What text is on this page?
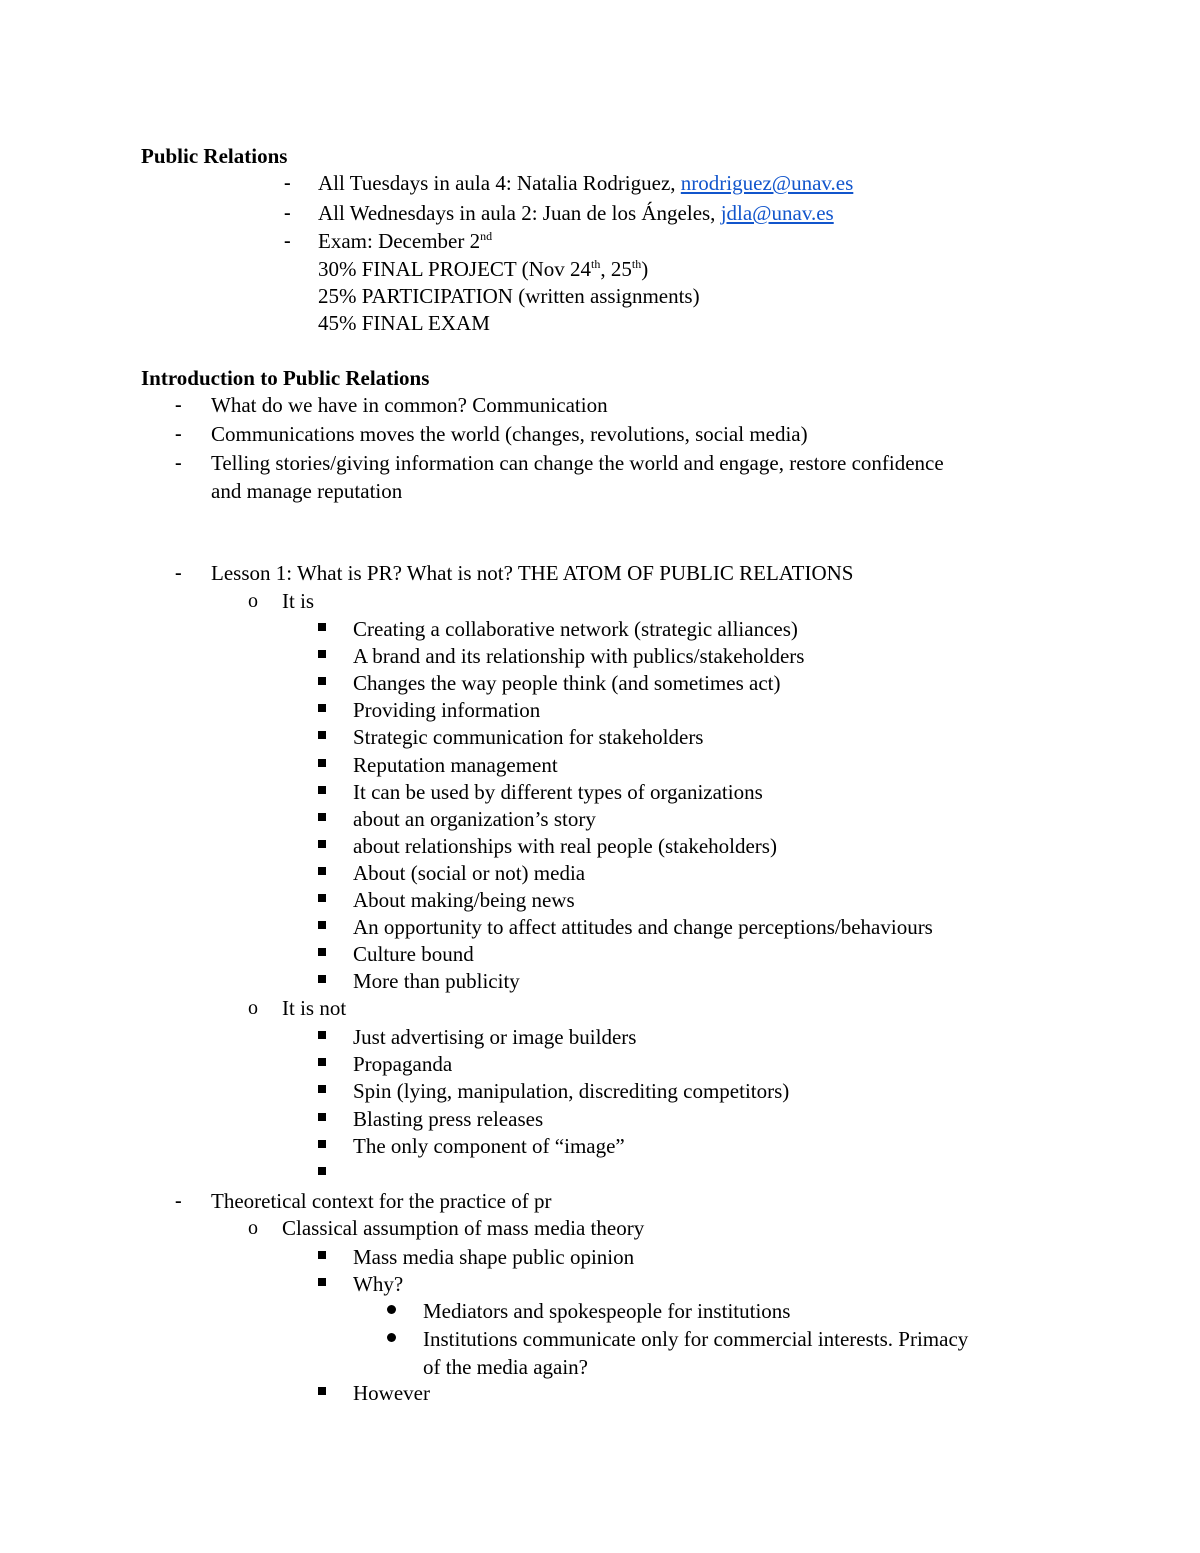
Public Relations
- All Tuesdays in aula 4: Natalia Rodriguez, nrodriguez@unav.es
- All Wednesdays in aula 2: Juan de los Ángeles, jdla@unav.es
- Exam: December 2nd
30% FINAL PROJECT (Nov 24th, 25th)
25% PARTICIPATION (written assignments)
45% FINAL EXAM
Introduction to Public Relations
- What do we have in common? Communication
- Communications moves the world (changes, revolutions, social media)
- Telling stories/giving information can change the world and engage, restore confidence
and manage reputation
- Lesson 1: What is PR? What is not? THE ATOM OF PUBLIC RELATIONS
o It is
Creating a collaborative network (strategic alliances)
A brand and its relationship with publics/stakeholders
Changes the way people think (and sometimes act)
Providing information
Strategic communication for stakeholders
Reputation management
It can be used by different types of organizations
about an organization’s story
about relationships with real people (stakeholders)
About (social or not) media
About making/being news
An opportunity to affect attitudes and change perceptions/behaviours
Culture bound
More than publicity
o It is not
Just advertising or image builders
Propaganda
Spin (lying, manipulation, discrediting competitors)
Blasting press releases
The only component of “image”
- Theoretical context for the practice of pr
o Classical assumption of mass media theory
Mass media shape public opinion
Why?
Mediators and spokespeople for institutions
Institutions communicate only for commercial interests. Primacy
of the media again?
However
